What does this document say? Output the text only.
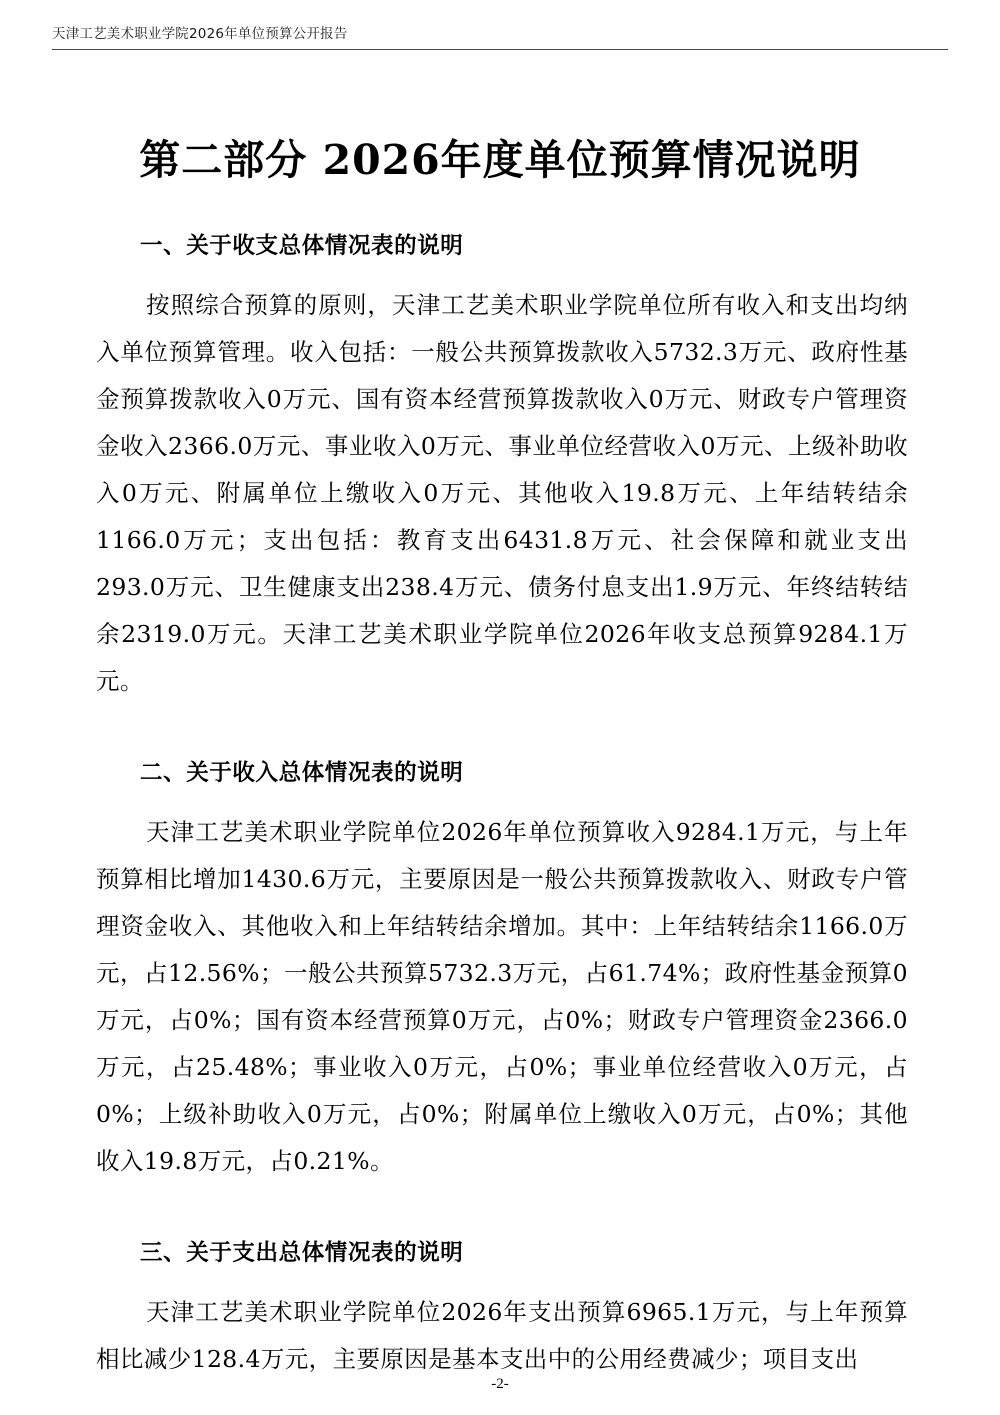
天津工艺美术职业学院2026年单位预算公开报告
第二部分 2026年度单位预算情况说明
一、关于收支总体情况表的说明

按照综合预算的原则，天津工艺美术职业学院单位所有收入和支出均纳入单位预算管理。收入包括：一般公共预算拨款收入5732.3万元、政府性基金预算拨款收入0万元、国有资本经营预算拨款收入0万元、财政专户管理资金收入2366.0万元、事业收入0万元、事业单位经营收入0万元、上级补助收入0万元、附属单位上缴收入0万元、其他收入19.8万元、上年结转结余1166.0万元；支出包括：教育支出6431.8万元、社会保障和就业支出293.0万元、卫生健康支出238.4万元、债务付息支出1.9万元、年终结转结余2319.0万元。天津工艺美术职业学院单位2026年收支总预算9284.1万元。

二、关于收入总体情况表的说明

天津工艺美术职业学院单位2026年单位预算收入9284.1万元，与上年预算相比增加1430.6万元，主要原因是一般公共预算拨款收入、财政专户管理资金收入、其他收入和上年结转结余增加。其中：上年结转结余1166.0万元，占12.56%；一般公共预算5732.3万元，占61.74%；政府性基金预算0万元，占0%；国有资本经营预算0万元，占0%；财政专户管理资金2366.0万元，占25.48%；事业收入0万元，占0%；事业单位经营收入0万元，占0%；上级补助收入0万元，占0%；附属单位上缴收入0万元，占0%；其他收入19.8万元，占0.21%。

三、关于支出总体情况表的说明

天津工艺美术职业学院单位2026年支出预算6965.1万元，与上年预算相比减少128.4万元，主要原因是基本支出中的公用经费减少；项目支出

-2-
